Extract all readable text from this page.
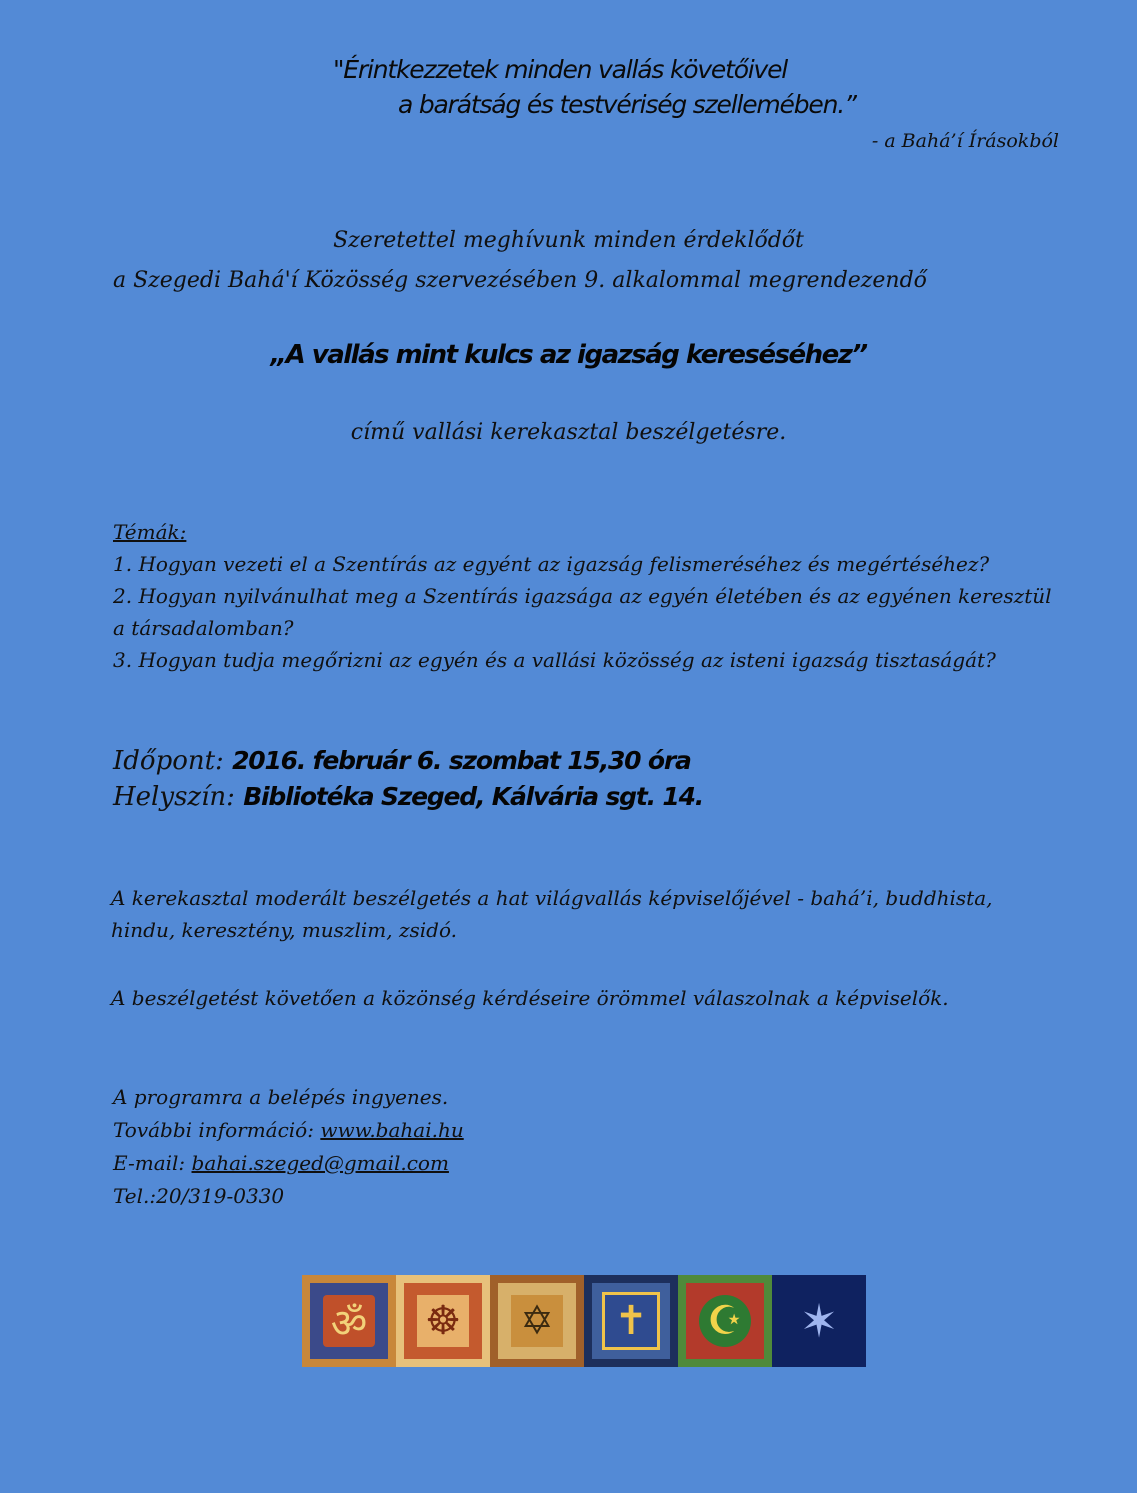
"Érintkezzetek minden vallás követőivel
a barátság és testvériség szellemében.”
- a Bahá’í Írásokból
Szeretettel meghívunk minden érdeklődőt
a Szegedi Bahá'í Közösség szervezésében 9. alkalommal megrendezendő
„A vallás mint kulcs az igazság kereséséhez”
című vallási kerekasztal beszélgetésre.
Témák:
1. Hogyan vezeti el a Szentírás az egyént az igazság felismeréséhez és megértéséhez?
2. Hogyan nyilvánulhat meg a Szentírás igazsága az egyén életében és az egyénen keresztül
a társadalomban?
3. Hogyan tudja megőrizni az egyén és a vallási közösség az isteni igazság tisztaságát?
Időpont: 2016. február 6. szombat 15,30 óra
Helyszín: Bibliotéka Szeged, Kálvária sgt. 14.
A kerekasztal moderált beszélgetés a hat világvallás képviselőjével - bahá’i, buddhista,
hindu, keresztény, muszlim, zsidó.
A beszélgetést követően a közönség kérdéseire örömmel válaszolnak a képviselők.
A programra a belépés ingyenes.
További információ: www.bahai.hu
E-mail: bahai.szeged@gmail.com
Tel.:20/319-0330
ॐ ☸ ✡	✝	☪ ✶
